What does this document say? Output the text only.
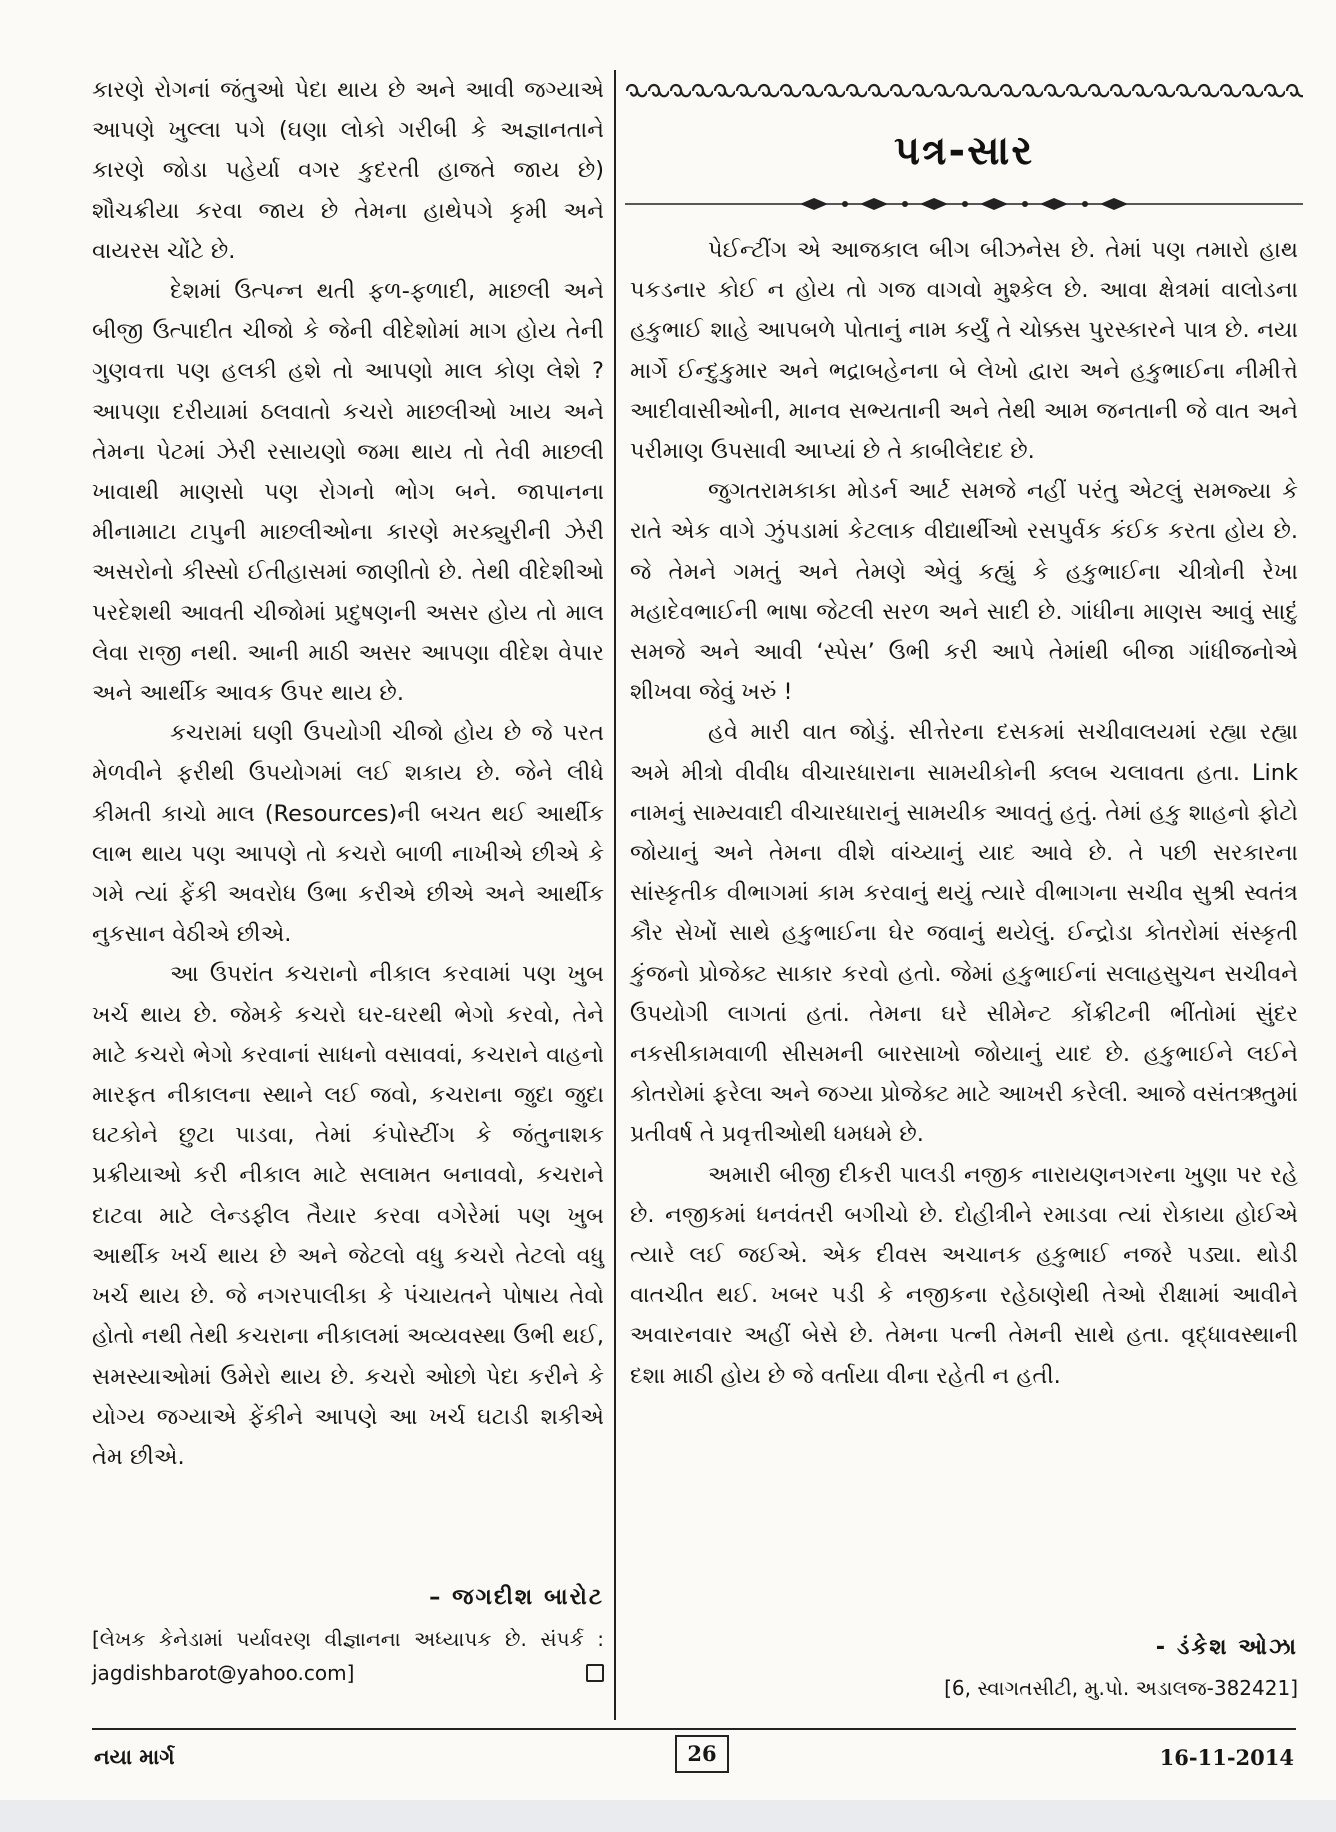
કારણે રોગનાં જંતુઓ પેદા થાય છે અને આવી જગ્યાએ આપણે ખુલ્લા પગે (ઘણા લોકો ગરીબી કે અજ્ઞાનતાને કારણે જોડા પહેર્યા વગર કુદરતી હાજતે જાય છે) શૌચક્રીયા કરવા જાય છે તેમના હાથેપગે કૃમી અને વાયરસ ચોંટે છે.

દેશમાં ઉત્પન્ન થતી ફળ-ફળાદી, માછલી અને બીજી ઉત્પાદીત ચીજો કે જેની વીદેશોમાં માગ હોય તેની ગુણવત્તા પણ હલકી હશે તો આપણો માલ કોણ લેશે ? આપણા દરીયામાં ઠલવાતો કચરો માછલીઓ ખાય અને તેમના પેટમાં ઝેરી રસાયણો જમા થાય તો તેવી માછલી ખાવાથી માણસો પણ રોગનો ભોગ બને. જાપાનના મીનામાટા ટાપુની માછલીઓના કારણે મરક્યુરીની ઝેરી અસરોનો કીસ્સો ઈતીહાસમાં જાણીતો છે. તેથી વીદેશીઓ પરદેશથી આવતી ચીજોમાં પ્રદુષણની અસર હોય તો માલ લેવા રાજી નથી. આની માઠી અસર આપણા વીદેશ વેપાર અને આર્થીક આવક ઉપર થાય છે.

કચરામાં ઘણી ઉપયોગી ચીજો હોય છે જે પરત મેળવીને ફરીથી ઉપયોગમાં લઈ શકાય છે. જેને લીધે કીમતી કાચો માલ (Resources)ની બચત થઈ આર્થીક લાભ થાય પણ આપણે તો કચરો બાળી નાખીએ છીએ કે ગમે ત્યાં ફેંકી અવરોધ ઉભા કરીએ છીએ અને આર્થીક નુકસાન વેઠીએ છીએ.

આ ઉપરાંત કચરાનો નીકાલ કરવામાં પણ ખુબ ખર્ચ થાય છે. જેમકે કચરો ઘર-ઘરથી ભેગો કરવો, તેને માટે કચરો ભેગો કરવાનાં સાધનો વસાવવાં, કચરાને વાહનો મારફત નીકાલના સ્થાને લઈ જવો, કચરાના જુદા જુદા ઘટકોને છુટા પાડવા, તેમાં કંપોસ્ટીંગ કે જંતુનાશક પ્રક્રીયાઓ કરી નીકાલ માટે સલામત બનાવવો, કચરાને દાટવા માટે લેન્ડફીલ તૈયાર કરવા વગેરેમાં પણ ખુબ આર્થીક ખર્ચ થાય છે અને જેટલો વધુ કચરો તેટલો વધુ ખર્ચ થાય છે. જે નગરપાલીકા કે પંચાયતને પોષાય તેવો હોતો નથી તેથી કચરાના નીકાલમાં અવ્યવસ્થા ઉભી થઈ, સમસ્યાઓમાં ઉમેરો થાય છે. કચરો ઓછો પેદા કરીને કે યોગ્ય જગ્યાએ ફેંકીને આપણે આ ખર્ચ ઘટાડી શકીએ તેમ છીએ.

– જગદીશ બારોટ
[લેખક કેનેડામાં પર્યાવરણ વીજ્ઞાનના અધ્યાપક છે. સંપર્ક : jagdishbarot@yahoo.com]
પત્ર-સાર

પેઈન્ટીંગ એ આજકાલ બીગ બીઝનેસ છે. તેમાં પણ તમારો હાથ પકડનાર કોઈ ન હોય તો ગજ વાગવો મુશ્કેલ છે. આવા ક્ષેત્રમાં વાલોડના હકુભાઈ શાહે આપબળે પોતાનું નામ કર્યું તે ચોક્કસ પુરસ્કારને પાત્ર છે. નયા માર્ગે ઈન્દુકુમાર અને ભદ્રાબહેનના બે લેખો દ્વારા અને હકુભાઈના નીમીત્તે આદીવાસીઓની, માનવ સભ્યતાની અને તેથી આમ જનતાની જે વાત અને પરીમાણ ઉપસાવી આપ્યાં છે તે કાબીલેદાદ છે.

જુગતરામકાકા મોડર્ન આર્ટ સમજે નહીં પરંતુ એટલું સમજ્યા કે રાતે એક વાગે ઝુંપડામાં કેટલાક વીદ્યાર્થીઓ રસપુર્વક કંઈક કરતા હોય છે. જે તેમને ગમતું અને તેમણે એવું કહ્યું કે હકુભાઈના ચીત્રોની રેખા મહાદેવભાઈની ભાષા જેટલી સરળ અને સાદી છે. ગાંધીના માણસ આવું સાદું સમજે અને આવી ‘સ્પેસ’ ઉભી કરી આપે તેમાંથી બીજા ગાંધીજનોએ શીખવા જેવું ખરું !

હવે મારી વાત જોડું. સીત્તેરના દસકમાં સચીવાલયમાં રહ્યા રહ્યા અમે મીત્રો વીવીધ વીચારધારાના સામયીકોની ક્લબ ચલાવતા હતા. Link નામનું સામ્યવાદી વીચારધારાનું સામયીક આવતું હતું. તેમાં હકુ શાહનો ફોટો જોયાનું અને તેમના વીશે વાંચ્યાનું યાદ આવે છે. તે પછી સરકારના સાંસ્કૃતીક વીભાગમાં કામ કરવાનું થયું ત્યારે વીભાગના સચીવ સુશ્રી સ્વતંત્ર કૌર સેખોં સાથે હકુભાઈના ઘેર જવાનું થયેલું. ઈન્દ્રોડા કોતરોમાં સંસ્કૃતી કુંજનો પ્રોજેક્ટ સાકાર કરવો હતો. જેમાં હકુભાઈનાં સલાહસુચન સચીવને ઉપયોગી લાગતાં હતાં. તેમના ઘરે સીમેન્ટ કોંક્રીટની ભીંતોમાં સુંદર નકસીકામવાળી સીસમની બારસાખો જોયાનું યાદ છે. હકુભાઈને લઈને કોતરોમાં ફરેલા અને જગ્યા પ્રોજેક્ટ માટે આખરી કરેલી. આજે વસંતઋતુમાં પ્રતીવર્ષ તે પ્રવૃત્તીઓથી ધમધમે છે.

અમારી બીજી દીકરી પાલડી નજીક નારાયણનગરના ખુણા પર રહે છે. નજીકમાં ધનવંતરી બગીચો છે. દોહીત્રીને રમાડવા ત્યાં રોકાયા હોઈએ ત્યારે લઈ જઈએ. એક દીવસ અચાનક હકુભાઈ નજરે પડ્યા. થોડી વાતચીત થઈ. ખબર પડી કે નજીકના રહેઠાણેથી તેઓ રીક્ષામાં આવીને અવારનવાર અહીં બેસે છે. તેમના પત્ની તેમની સાથે હતા. વૃદ્ધાવસ્થાની દશા માઠી હોય છે જે વર્તાયા વીના રહેતી ન હતી.

- ડંકેશ ઓઝા
[6, સ્વાગતસીટી, મુ.પો. અડાલજ-382421]
નયા માર્ગ	26	16-11-2014
